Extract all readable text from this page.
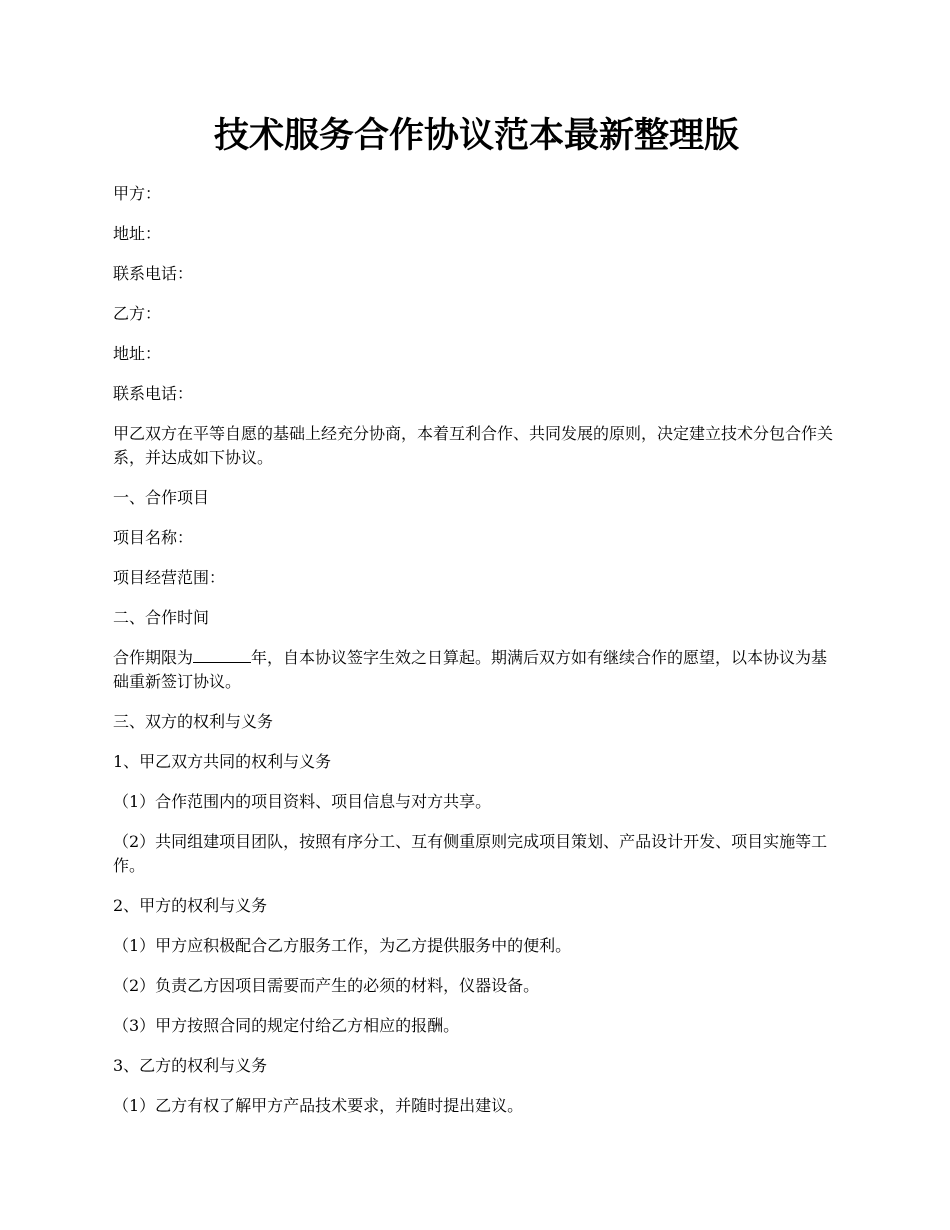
技术服务合作协议范本最新整理版

甲方：

地址：

联系电话：

乙方：

地址：

联系电话：

甲乙双方在平等自愿的基础上经充分协商，本着互利合作、共同发展的原则，决定建立技术分包合作关系，并达成如下协议。

一、合作项目

项目名称：

项目经营范围：

二、合作时间

合作期限为	年，自本协议签字生效之日算起。期满后双方如有继续合作的愿望，以本协议为基础重新签订协议。

三、双方的权利与义务

1、甲乙双方共同的权利与义务

（1）合作范围内的项目资料、项目信息与对方共享。

（2）共同组建项目团队，按照有序分工、互有侧重原则完成项目策划、产品设计开发、项目实施等工作。

2、甲方的权利与义务

（1）甲方应积极配合乙方服务工作，为乙方提供服务中的便利。

（2）负责乙方因项目需要而产生的必须的材料，仪器设备。

（3）甲方按照合同的规定付给乙方相应的报酬。

3、乙方的权利与义务

（1）乙方有权了解甲方产品技术要求，并随时提出建议。
